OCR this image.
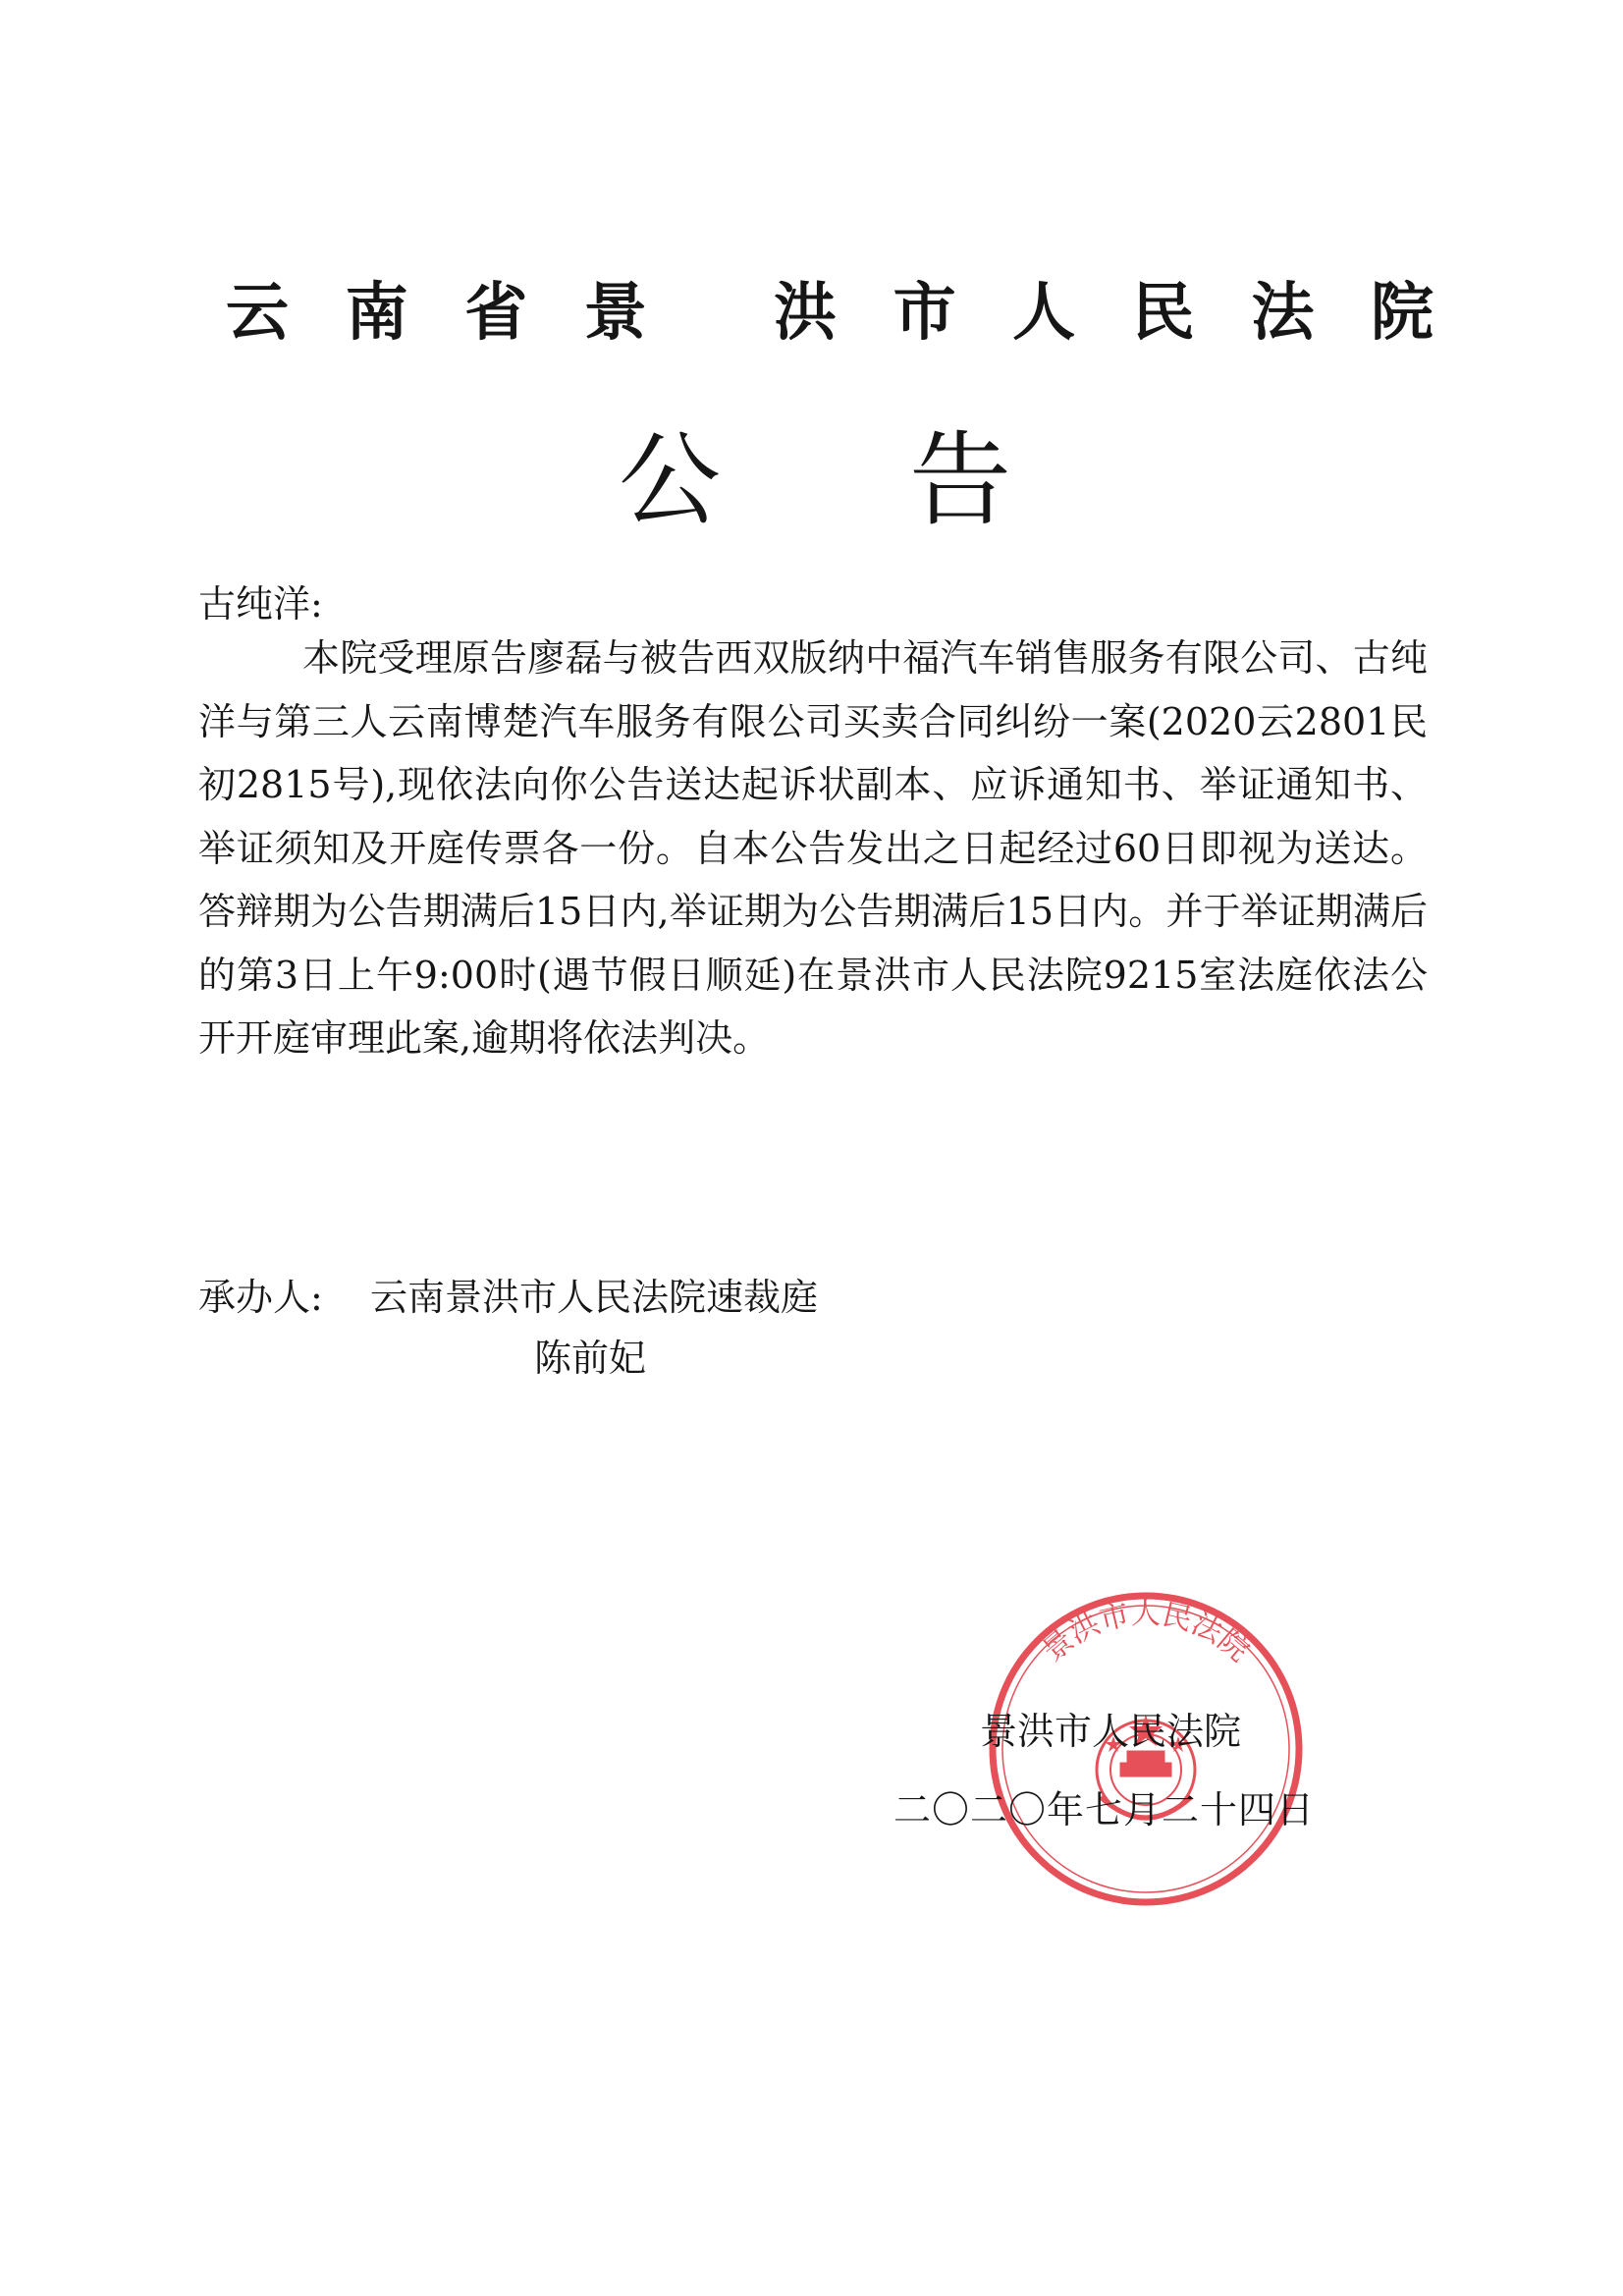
云 南 省 景 洪 市 人 民 法 院
公 告

古纯洋:

本院受理原告廖磊与被告西双版纳中福汽车销售服务有限公司、古纯洋与第三人云南博楚汽车服务有限公司买卖合同纠纷一案(2020云2801民初2815号),现依法向你公告送达起诉状副本、应诉通知书、举证通知书、举证须知及开庭传票各一份。自本公告发出之日起经过60日即视为送达。答辩期为公告期满后15日内,举证期为公告期满后15日内。并于举证期满后的第3日上午9:00时(遇节假日顺延)在景洪市人民法院9215室法庭依法公开开庭审理此案,逾期将依法判决。

承办人: 云南景洪市人民法院速裁庭

陈前妃

景洪市人民法院

景洪市人民法院

二〇二〇年七月二十四日
